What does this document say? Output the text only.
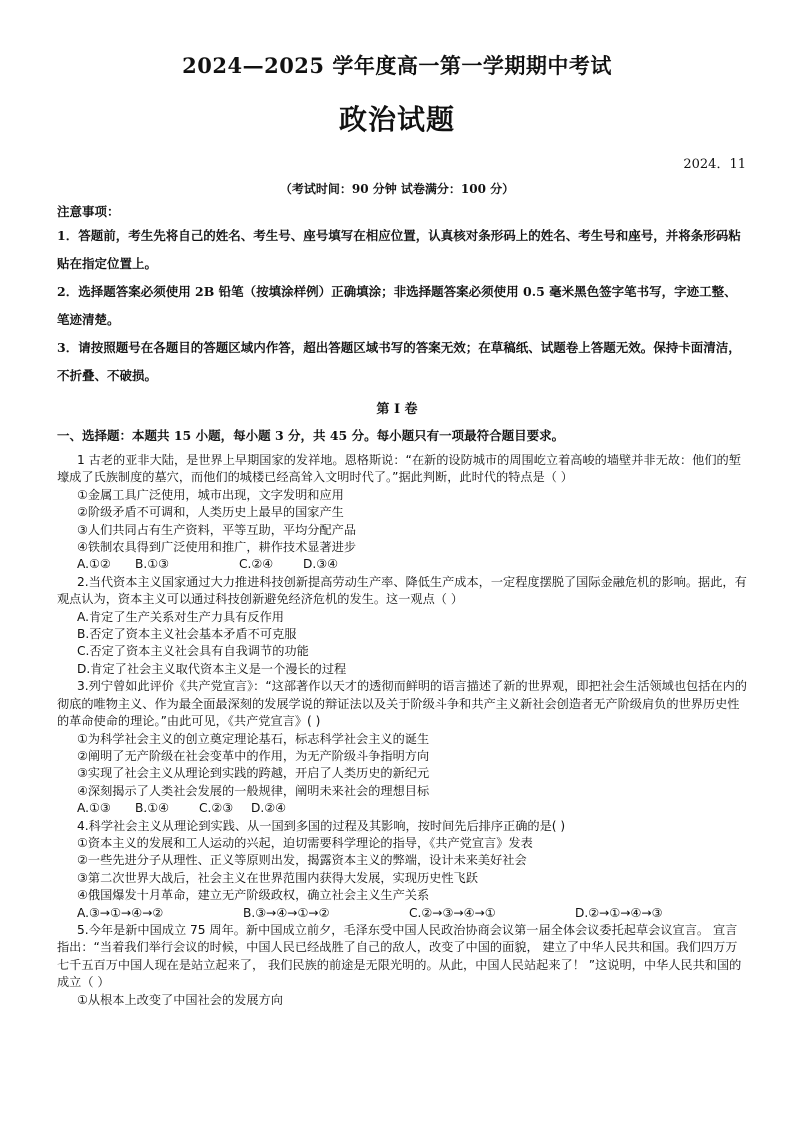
2024—2025 学年度高一第一学期期中考试
政治试题
2024．11
（考试时间：90 分钟 试卷满分：100 分）
注意事项：
1．答题前，考生先将自己的姓名、考生号、座号填写在相应位置，认真核对条形码上的姓名、考生号和座号，并将条形码粘贴在指定位置上。
2．选择题答案必须使用 2B 铅笔（按填涂样例）正确填涂；非选择题答案必须使用 0.5 毫米黑色签字笔书写，字迹工整、笔迹清楚。
3．请按照题号在各题目的答题区域内作答，超出答题区域书写的答案无效；在草稿纸、试题卷上答题无效。保持卡面清洁，不折叠、不破损。
第 I 卷
一、选择题：本题共 15 小题，每小题 3 分，共 45 分。每小题只有一项最符合题目要求。

1 古老的亚非大陆，是世界上早期国家的发祥地。恩格斯说：“在新的设防城市的周围屹立着高峻的墙壁并非无故：他们的堑壕成了氏族制度的墓穴，而他们的城楼已经高耸入文明时代了。”据此判断，此时代的特点是（ ）

①金属工具广泛使用，城市出现，文字发明和应用

②阶级矛盾不可调和，人类历史上最早的国家产生

③人们共同占有生产资料，平等互助，平均分配产品

④铁制农具得到广泛使用和推广，耕作技术显著进步

A.①②	B.①③	C.②④	D.③④

2.当代资本主义国家通过大力推进科技创新提高劳动生产率、降低生产成本，一定程度摆脱了国际金融危机的影响。据此，有观点认为，资本主义可以通过科技创新避免经济危机的发生。这一观点（ ）

A.肯定了生产关系对生产力具有反作用

B.否定了资本主义社会基本矛盾不可克服

C.否定了资本主义社会具有自我调节的功能

D.肯定了社会主义取代资本主义是一个漫长的过程

3.列宁曾如此评价《共产党宣言》：“这部著作以天才的透彻而鲜明的语言描述了新的世界观，即把社会生活领域也包括在内的彻底的唯物主义、作为最全面最深刻的发展学说的辩证法以及关于阶级斗争和共产主义新社会创造者无产阶级肩负的世界历史性的革命使命的理论。”由此可见，《共产党宣言》( )

①为科学社会主义的创立奠定理论基石，标志科学社会主义的诞生

②阐明了无产阶级在社会变革中的作用，为无产阶级斗争指明方向

③实现了社会主义从理论到实践的跨越，开启了人类历史的新纪元

④深刻揭示了人类社会发展的一般规律，阐明未来社会的理想目标

A.①③	B.①④	C.②③	D.②④

4.科学社会主义从理论到实践、从一国到多国的过程及其影响，按时间先后排序正确的是( )

①资本主义的发展和工人运动的兴起，迫切需要科学理论的指导，《共产党宣言》发表

②一些先进分子从理性、正义等原则出发，揭露资本主义的弊端，设计未来美好社会

③第二次世界大战后，社会主义在世界范围内获得大发展，实现历史性飞跃

④俄国爆发十月革命，建立无产阶级政权，确立社会主义生产关系

A.③→①→④→②	B.③→④→①→②	C.②→③→④→①	D.②→①→④→③

5.今年是新中国成立 75 周年。新中国成立前夕，毛泽东受中国人民政治协商会议第一届全体会议委托起草会议宣言。 宣言指出：“当着我们举行会议的时候，中国人民已经战胜了自己的敌人，改变了中国的面貌， 建立了中华人民共和国。我们四万万七千五百万中国人现在是站立起来了， 我们民族的前途是无限光明的。从此，中国人民站起来了！ ”这说明，中华人民共和国的成立（ ）

①从根本上改变了中国社会的发展方向
